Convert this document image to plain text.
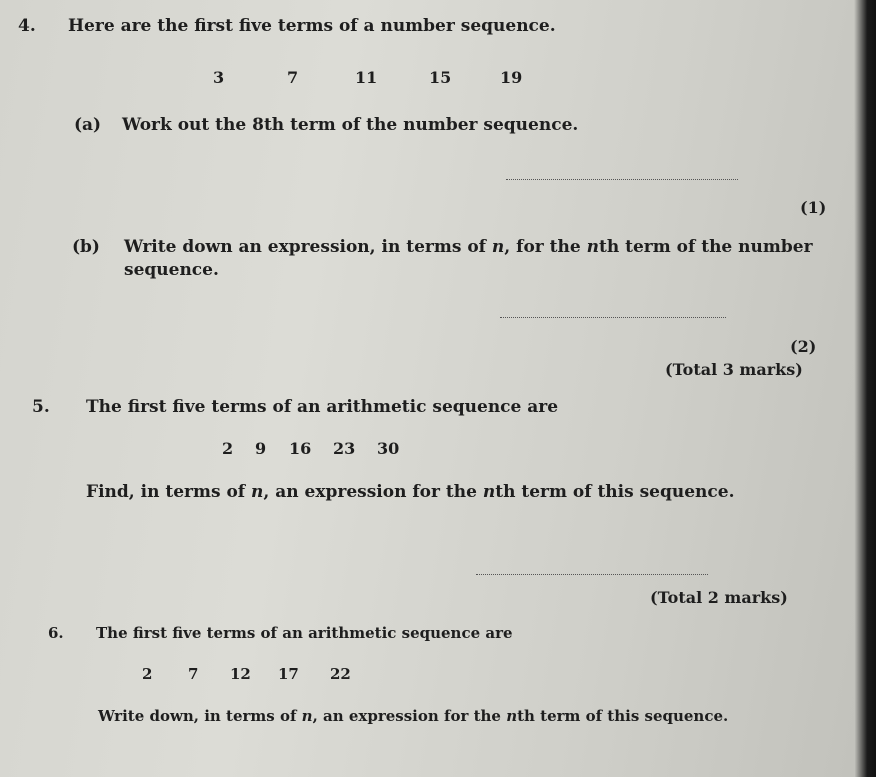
4. Here are the first five terms of a number sequence.
3	7	11	15	19
(a) Work out the 8th term of the number sequence.
(1)
(b) Write down an expression, in terms of n, for the nth term of the number
sequence.
(2)
(Total 3 marks)
5. The first five terms of an arithmetic sequence are
2 9 16 23 30
Find, in terms of n, an expression for the nth term of this sequence.
(Total 2 marks)
6. The first five terms of an arithmetic sequence are
2 7 12 17 22
Write down, in terms of n, an expression for the nth term of this sequence.
